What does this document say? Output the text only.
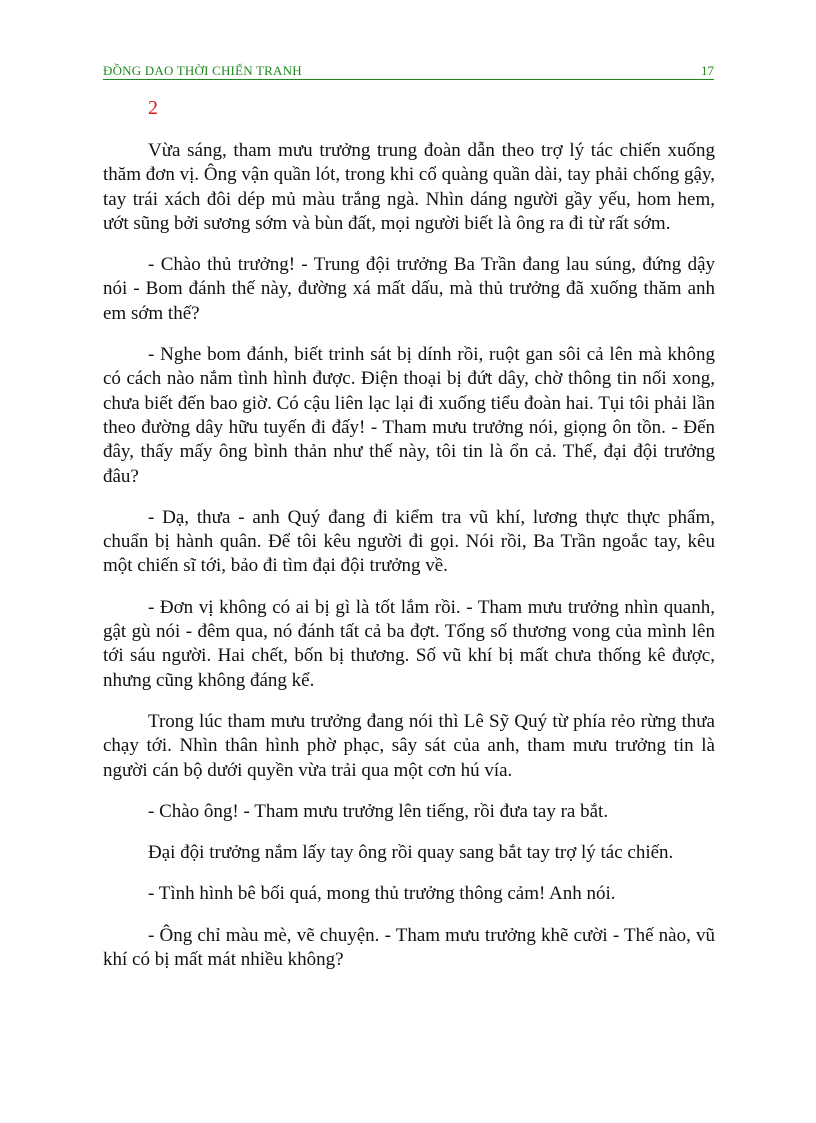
ĐỒNG DAO THỜI CHIẾN TRANH	17
2

Vừa sáng, tham mưu trưởng trung đoàn dẫn theo trợ lý tác chiến xuống thăm đơn vị. Ông vận quần lót, trong khi cổ quàng quần dài, tay phải chống gậy, tay trái xách đôi dép mủ màu trắng ngà. Nhìn dáng người gầy yếu, hom hem, ướt sũng bởi sương sớm và bùn đất, mọi người biết là ông ra đi từ rất sớm.

- Chào thủ trưởng! - Trung đội trưởng Ba Trần đang lau súng, đứng dậy nói - Bom đánh thế này, đường xá mất dấu, mà thủ trưởng đã xuống thăm anh em sớm thế?

- Nghe bom đánh, biết trinh sát bị dính rồi, ruột gan sôi cả lên mà không có cách nào nắm tình hình được. Điện thoại bị đứt dây, chờ thông tin nối xong, chưa biết đến bao giờ. Có cậu liên lạc lại đi xuống tiểu đoàn hai. Tụi tôi phải lần theo đường dây hữu tuyến đi đấy! - Tham mưu trưởng nói, giọng ôn tồn. - Đến đây, thấy mấy ông bình thản như thế này, tôi tin là ổn cả. Thế, đại đội trưởng đâu?

- Dạ, thưa - anh Quý đang đi kiểm tra vũ khí, lương thực thực phẩm, chuẩn bị hành quân. Để tôi kêu người đi gọi. Nói rồi, Ba Trần ngoắc tay, kêu một chiến sĩ tới, bảo đi tìm đại đội trưởng về.

- Đơn vị không có ai bị gì là tốt lắm rồi. - Tham mưu trưởng nhìn quanh, gật gù nói - đêm qua, nó đánh tất cả ba đợt. Tổng số thương vong của mình lên tới sáu người. Hai chết, bốn bị thương. Số vũ khí bị mất chưa thống kê được, nhưng cũng không đáng kể.

Trong lúc tham mưu trưởng đang nói thì Lê Sỹ Quý từ phía rẻo rừng thưa chạy tới. Nhìn thân hình phờ phạc, sây sát của anh, tham mưu trưởng tin là người cán bộ dưới quyền vừa trải qua một cơn hú vía.

- Chào ông! - Tham mưu trưởng lên tiếng, rồi đưa tay ra bắt.

Đại đội trưởng nắm lấy tay ông rồi quay sang bắt tay trợ lý tác chiến.

- Tình hình bê bối quá, mong thủ trưởng thông cảm! Anh nói.

- Ông chỉ màu mè, vẽ chuyện. - Tham mưu trưởng khẽ cười - Thế nào, vũ khí có bị mất mát nhiều không?
